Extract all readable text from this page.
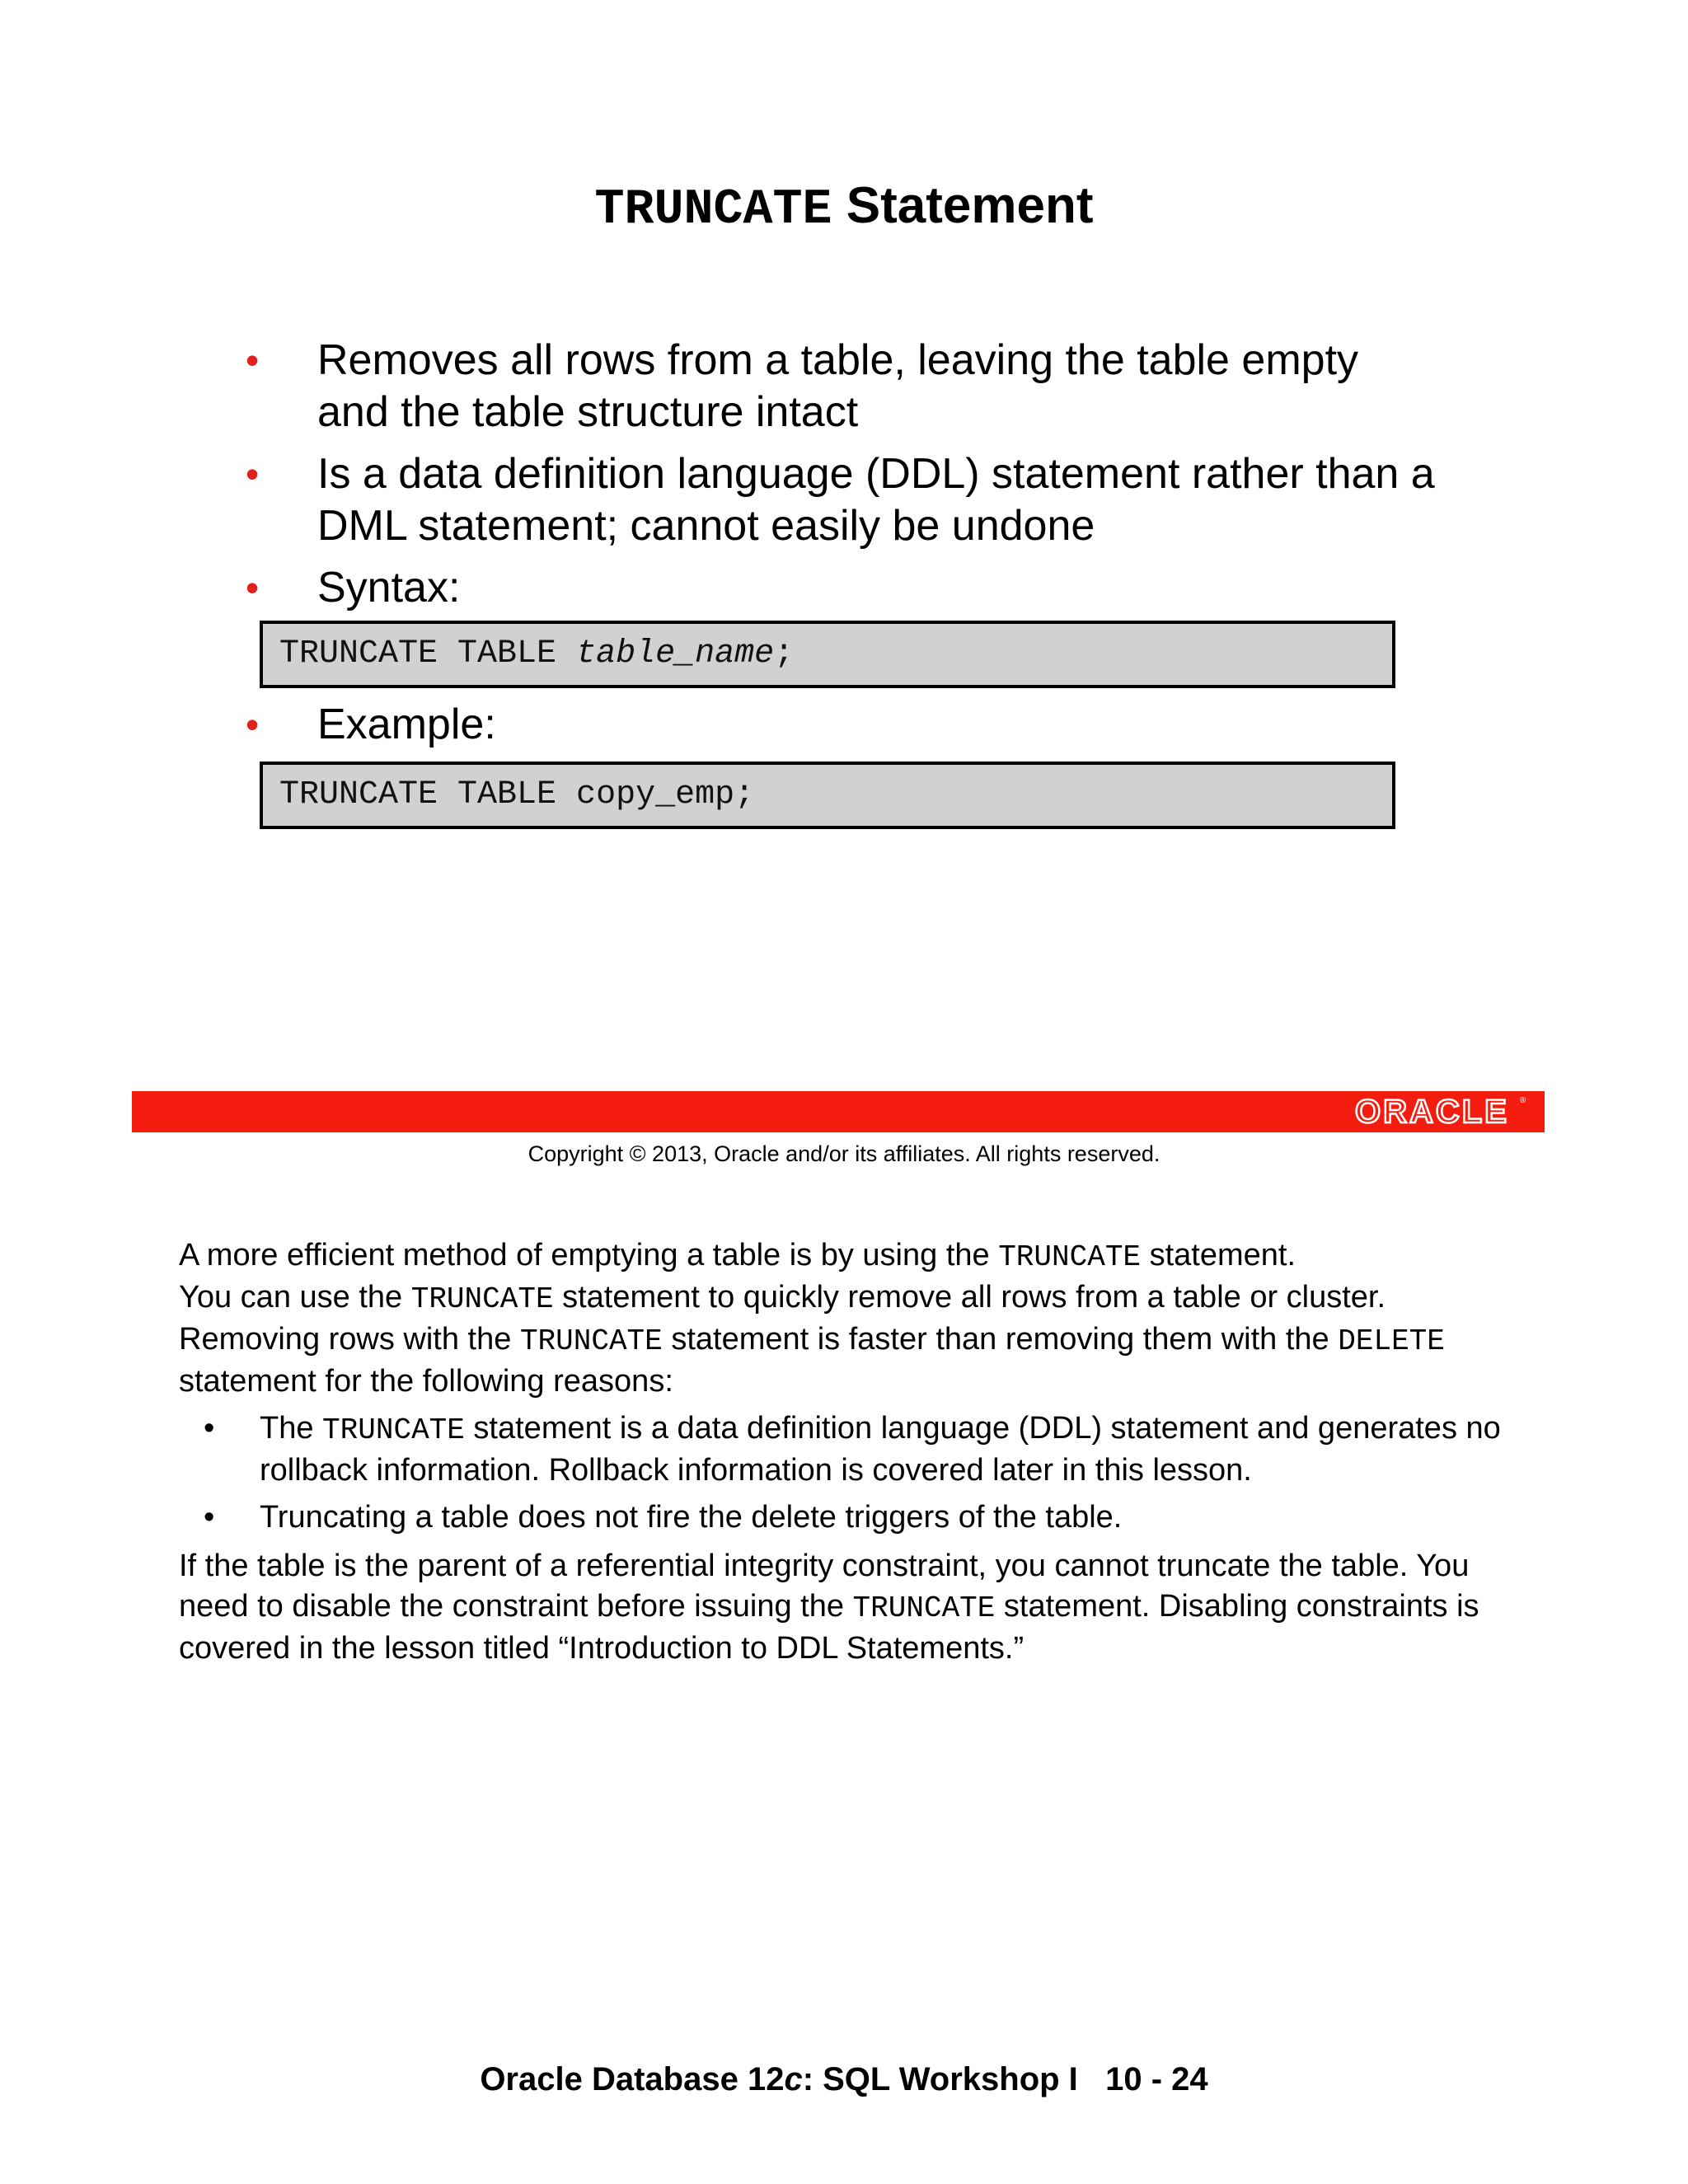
TRUNCATE Statement
• Removes all rows from a table, leaving the table empty
and the table structure intact
• Is a data definition language (DDL) statement rather than a
DML statement; cannot easily be undone
• Syntax:
TRUNCATE TABLE table_name;
• Example:
TRUNCATE TABLE copy_emp;
ORACLE ®
Copyright © 2013, Oracle and/or its affiliates. All rights reserved.

A more efficient method of emptying a table is by using the TRUNCATE statement.

You can use the TRUNCATE statement to quickly remove all rows from a table or cluster.

Removing rows with the TRUNCATE statement is faster than removing them with the DELETE statement for the following reasons:

• The TRUNCATE statement is a data definition language (DDL) statement and generates no rollback information. Rollback information is covered later in this lesson.
• Truncating a table does not fire the delete triggers of the table.

If the table is the parent of a referential integrity constraint, you cannot truncate the table. You need to disable the constraint before issuing the TRUNCATE statement. Disabling constraints is covered in the lesson titled “Introduction to DDL Statements.”

Oracle Database 12c: SQL Workshop I   10 - 24
